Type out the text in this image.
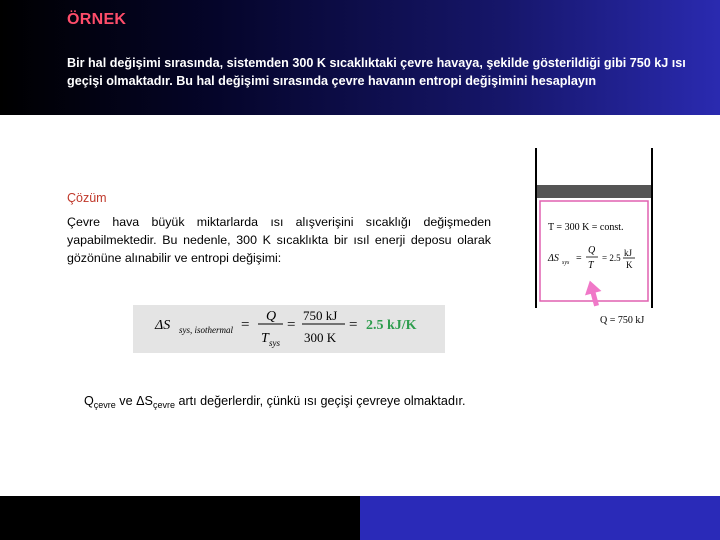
ÖRNEK
Bir hal değişimi sırasında, sistemden 300 K sıcaklıktaki çevre havaya, şekilde gösterildiği gibi 750 kJ ısı geçişi olmaktadır. Bu hal değişimi sırasında çevre havanın entropi değişimini hesaplayın
Çözüm
Çevre hava büyük miktarlarda ısı alışverişini sıcaklığı değişmeden yapabilmektedir. Bu nedenle, 300 K sıcaklıkta bir ısıl enerji deposu olarak gözönüne alınabilir ve entropi değişimi:
ΔS sys, isothermal =
Q
T sys
=
750 kJ
300 K
= 2.5 kJ/K
$Q_{çevre}$ ve $\Delta S_{çevre}$ artı değerlerdir, çünkü ısı geçişi çevreye olmaktadır.
T = 300 K = const.
ΔS sys =
Q
T
= 2.5 kJ
K
Q = 750 kJ
